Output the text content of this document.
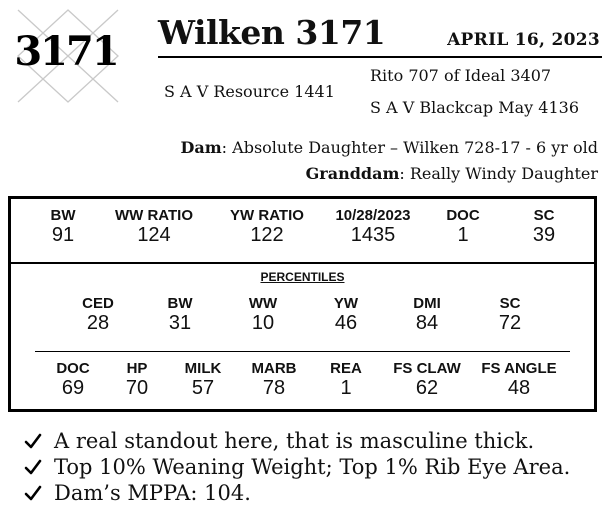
3171 Wilken 3171	APRIL 16, 2023
S A V Resource 1441
Rito 707 of Ideal 3407
S A V Blackcap May 4136
Dam: Absolute Daughter – Wilken 728-17 - 6 yr old
Granddam: Really Windy Daughter
BW
91
WW RATIO
124
YW RATIO
122
10/28/2023
1435
DOC
1
SC
39
PERCENTILES
CED
28
BW
31
WW
10
YW
46
DMI
84
SC
72
DOC
69
HP
70
MILK
57
MARB
78
REA
1
FS CLAW
62
FS ANGLE
48
A real standout here, that is masculine thick.
Top 10% Weaning Weight; Top 1% Rib Eye Area.
Dam’s MPPA: 104.
